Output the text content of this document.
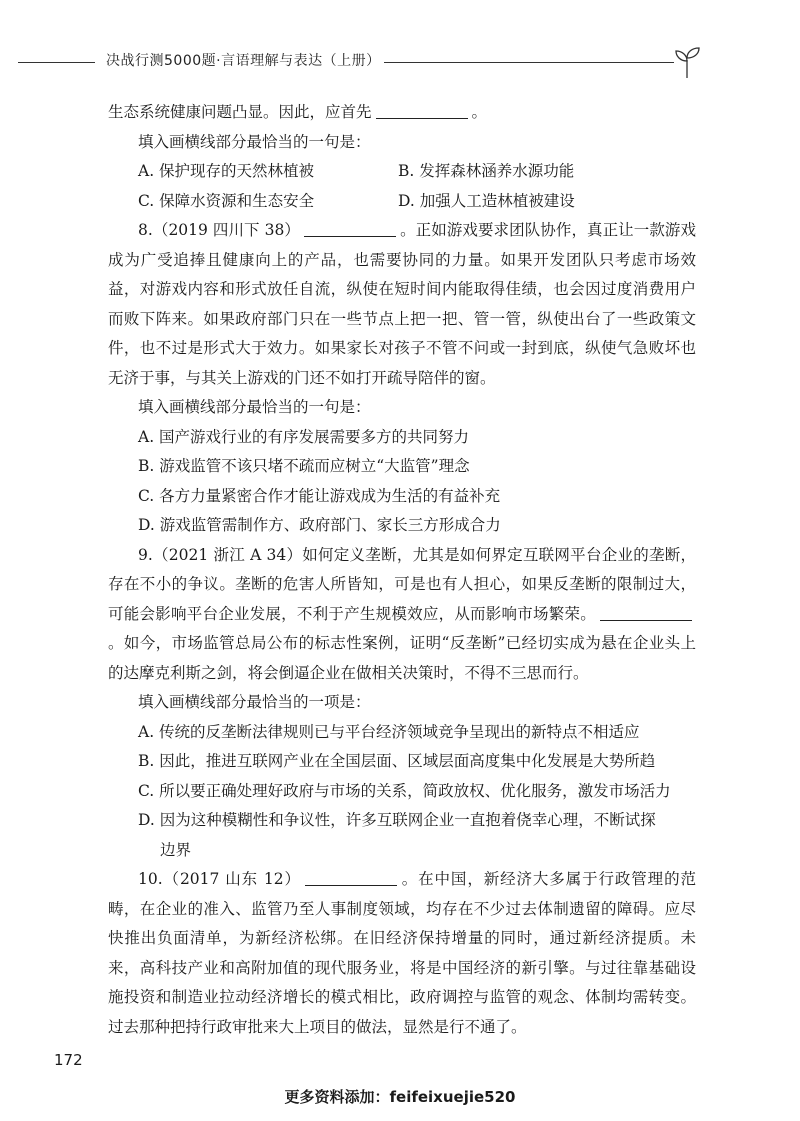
决战行测5000题·言语理解与表达（上册）

生态系统健康问题凸显。因此，应首先	。

填入画横线部分最恰当的一句是：

A. 保护现存的天然林植被	B. 发挥森林涵养水源功能
C. 保障水资源和生态安全	D. 加强人工造林植被建设

8.（2019 四川下 38）	。正如游戏要求团队协作，真正让一款游戏成为广受追捧且健康向上的产品，也需要协同的力量。如果开发团队只考虑市场效益，对游戏内容和形式放任自流，纵使在短时间内能取得佳绩，也会因过度消费用户而败下阵来。如果政府部门只在一些节点上把一把、管一管，纵使出台了一些政策文件，也不过是形式大于效力。如果家长对孩子不管不问或一封到底，纵使气急败坏也无济于事，与其关上游戏的门还不如打开疏导陪伴的窗。

填入画横线部分最恰当的一句是：

A. 国产游戏行业的有序发展需要多方的共同努力

B. 游戏监管不该只堵不疏而应树立“大监管”理念

C. 各方力量紧密合作才能让游戏成为生活的有益补充

D. 游戏监管需制作方、政府部门、家长三方形成合力

9.（2021 浙江 A 34）如何定义垄断，尤其是如何界定互联网平台企业的垄断，存在不小的争议。垄断的危害人所皆知，可是也有人担心，如果反垄断的限制过大，可能会影响平台企业发展，不利于产生规模效应，从而影响市场繁荣。。如今，市场监管总局公布的标志性案例，证明“反垄断”已经切实成为悬在企业头上的达摩克利斯之剑，将会倒逼企业在做相关决策时，不得不三思而行。

填入画横线部分最恰当的一项是：

A. 传统的反垄断法律规则已与平台经济领域竞争呈现出的新特点不相适应

B. 因此，推进互联网产业在全国层面、区域层面高度集中化发展是大势所趋

C. 所以要正确处理好政府与市场的关系，简政放权、优化服务，激发市场活力

D. 因为这种模糊性和争议性，许多互联网企业一直抱着侥幸心理，不断试探
边界

10.（2017 山东 12）	。在中国，新经济大多属于行政管理的范畴，在企业的准入、监管乃至人事制度领域，均存在不少过去体制遗留的障碍。应尽快推出负面清单，为新经济松绑。在旧经济保持增量的同时，通过新经济提质。未来，高科技产业和高附加值的现代服务业，将是中国经济的新引擎。与过往靠基础设施投资和制造业拉动经济增长的模式相比，政府调控与监管的观念、体制均需转变。过去那种把持行政审批来大上项目的做法，显然是行不通了。

172
更多资料添加：feifeixuejie520
